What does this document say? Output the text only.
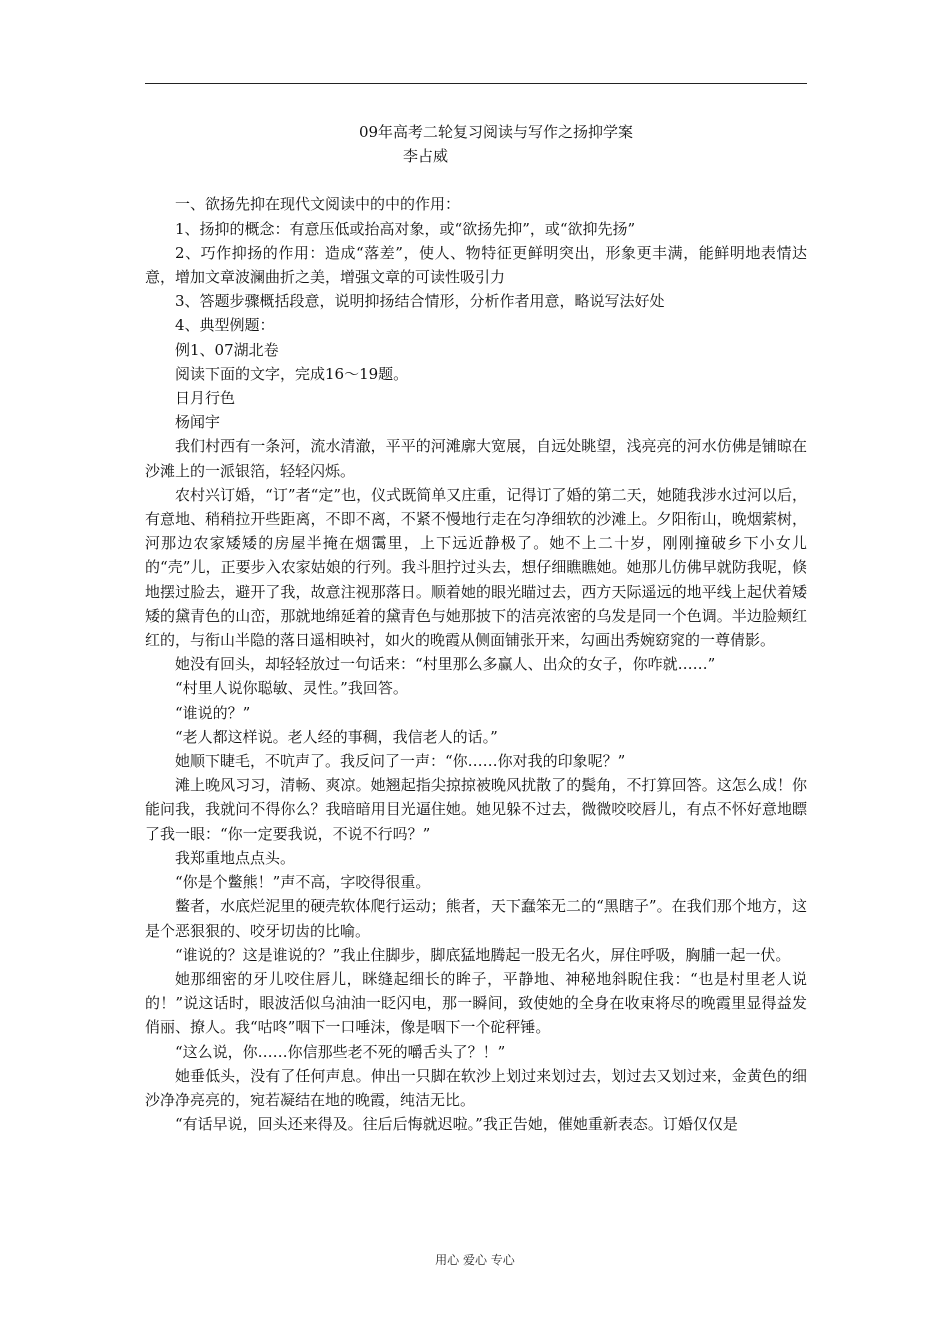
09年高考二轮复习阅读与写作之扬抑学案

李占威

一、欲扬先抑在现代文阅读中的中的作用：

1、扬抑的概念：有意压低或抬高对象，或“欲扬先抑”，或“欲抑先扬”

2、巧作抑扬的作用：造成“落差”，使人、物特征更鲜明突出，形象更丰满，能鲜明地表情达意，增加文章波澜曲折之美，增强文章的可读性吸引力

3、答题步骤概括段意，说明抑扬结合情形，分析作者用意，略说写法好处

4、典型例题：

例1、07湖北卷

阅读下面的文字，完成16～19题。

日月行色

杨闻宇

我们村西有一条河，流水清澈，平平的河滩廓大宽展，自远处眺望，浅亮亮的河水仿佛是铺晾在沙滩上的一派银箔，轻轻闪烁。

农村兴订婚，“订”者“定”也，仪式既简单又庄重，记得订了婚的第二天，她随我涉水过河以后，有意地、稍稍拉开些距离，不即不离，不紧不慢地行走在匀净细软的沙滩上。夕阳衔山，晚烟萦树，河那边农家矮矮的房屋半掩在烟霭里，上下远近静极了。她不上二十岁，刚刚撞破乡下小女儿的“壳”儿，正要步入农家姑娘的行列。我斗胆拧过头去，想仔细瞧瞧她。她那儿仿佛早就防我呢，倏地摆过脸去，避开了我，故意注视那落日。顺着她的眼光瞄过去，西方天际遥远的地平线上起伏着矮矮的黛青色的山峦，那就地绵延着的黛青色与她那披下的洁亮浓密的乌发是同一个色调。半边脸颊红红的，与衔山半隐的落日遥相映衬，如火的晚霞从侧面铺张开来，勾画出秀婉窈窕的一尊倩影。

她没有回头，却轻轻放过一句话来：“村里那么多赢人、出众的女子，你咋就……”

“村里人说你聪敏、灵性。”我回答。

“谁说的？”

“老人都这样说。老人经的事稠，我信老人的话。”

她顺下睫毛，不吭声了。我反问了一声：“你……你对我的印象呢？”

滩上晚风习习，清畅、爽凉。她翘起指尖掠掠被晚风扰散了的鬓角，不打算回答。这怎么成！你能问我，我就问不得你么？我暗暗用目光逼住她。她见躲不过去，微微咬咬唇儿，有点不怀好意地瞟了我一眼：“你一定要我说，不说不行吗？”

我郑重地点点头。

“你是个鳖熊！”声不高，字咬得很重。

鳖者，水底烂泥里的硬壳软体爬行运动；熊者，天下蠢笨无二的“黑瞎子”。在我们那个地方，这是个恶狠狠的、咬牙切齿的比喻。

“谁说的？这是谁说的？”我止住脚步，脚底猛地腾起一股无名火，屏住呼吸，胸脯一起一伏。

她那细密的牙儿咬住唇儿，眯缝起细长的眸子，平静地、神秘地斜睨住我：“也是村里老人说的！”说这话时，眼波活似乌油油一眨闪电，那一瞬间，致使她的全身在收束将尽的晚霞里显得益发俏丽、撩人。我“咕咚”咽下一口唾沫，像是咽下一个砣秤锤。

“这么说，你……你信那些老不死的嚼舌头了？！”

她垂低头，没有了任何声息。伸出一只脚在软沙上划过来划过去，划过去又划过来，金黄色的细沙净净亮亮的，宛若凝结在地的晚霞，纯洁无比。

“有话早说，回头还来得及。往后后悔就迟啦。”我正告她，催她重新表态。订婚仅仅是

用心 爱心 专心
